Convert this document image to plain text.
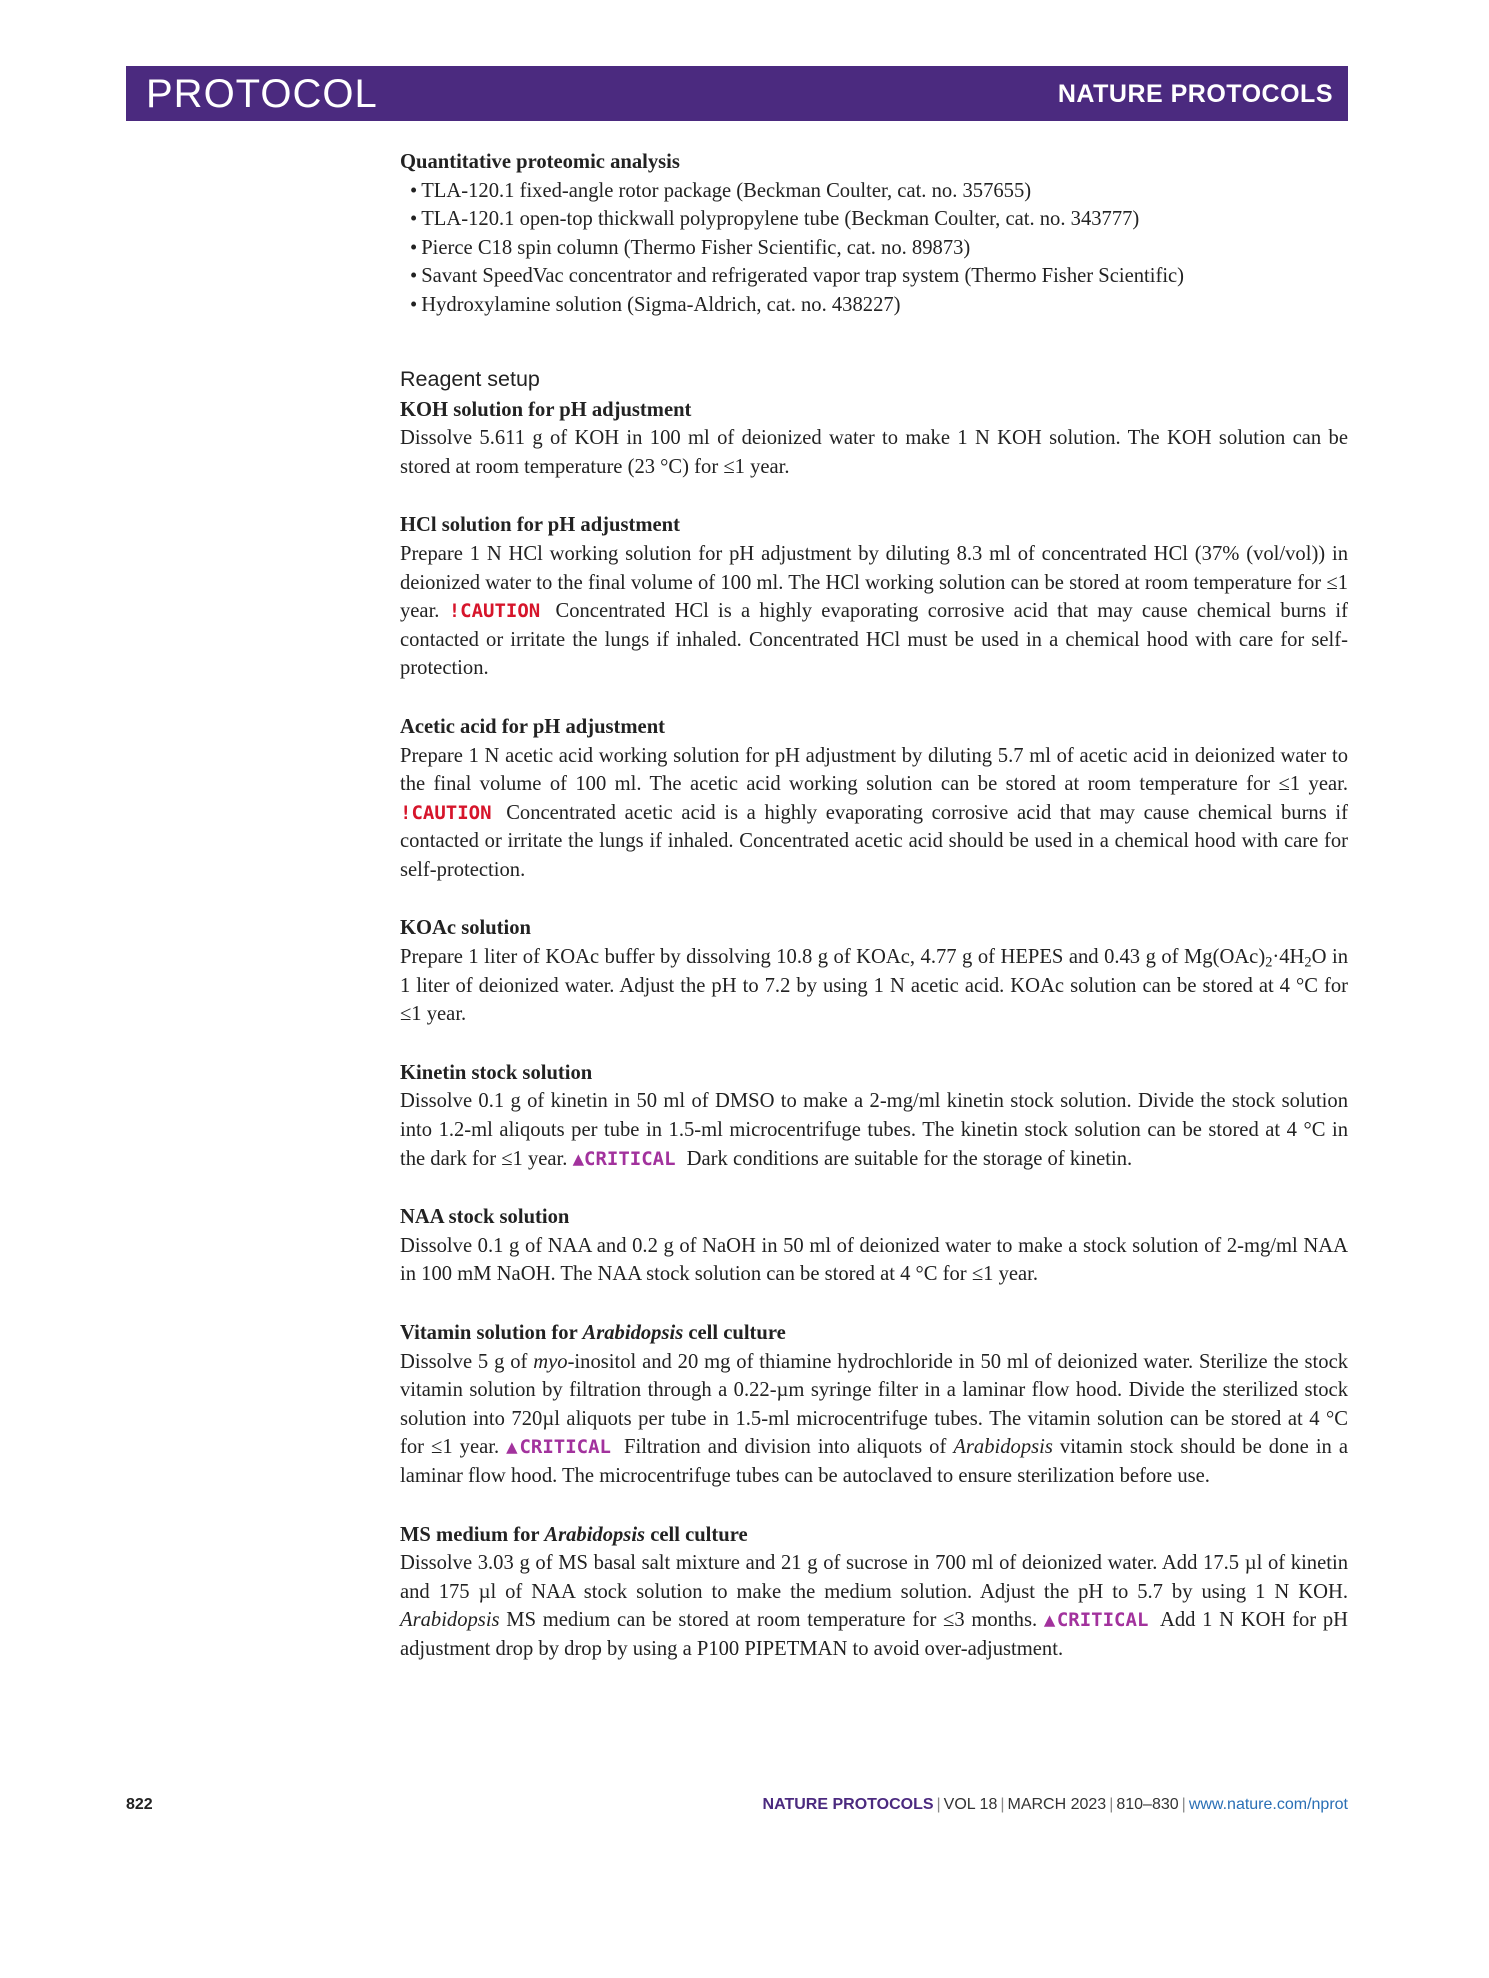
PROTOCOL	NATURE PROTOCOLS

Quantitative proteomic analysis

• TLA-120.1 fixed-angle rotor package (Beckman Coulter, cat. no. 357655)
• TLA-120.1 open-top thickwall polypropylene tube (Beckman Coulter, cat. no. 343777)
• Pierce C18 spin column (Thermo Fisher Scientific, cat. no. 89873)
• Savant SpeedVac concentrator and refrigerated vapor trap system (Thermo Fisher Scientific)
• Hydroxylamine solution (Sigma-Aldrich, cat. no. 438227)
Reagent setup

KOH solution for pH adjustment

Dissolve 5.611 g of KOH in 100 ml of deionized water to make 1 N KOH solution. The KOH solution can be stored at room temperature (23 °C) for ≤1 year.

HCl solution for pH adjustment

Prepare 1 N HCl working solution for pH adjustment by diluting 8.3 ml of concentrated HCl (37% (vol/vol)) in deionized water to the final volume of 100 ml. The HCl working solution can be stored at room temperature for ≤1 year. !CAUTION Concentrated HCl is a highly evaporating corrosive acid that may cause chemical burns if contacted or irritate the lungs if inhaled. Concentrated HCl must be used in a chemical hood with care for self-protection.

Acetic acid for pH adjustment

Prepare 1 N acetic acid working solution for pH adjustment by diluting 5.7 ml of acetic acid in deionized water to the final volume of 100 ml. The acetic acid working solution can be stored at room temperature for ≤1 year. !CAUTION Concentrated acetic acid is a highly evaporating corrosive acid that may cause chemical burns if contacted or irritate the lungs if inhaled. Concentrated acetic acid should be used in a chemical hood with care for self-protection.

KOAc solution

Prepare 1 liter of KOAc buffer by dissolving 10.8 g of KOAc, 4.77 g of HEPES and 0.43 g of $Mg(OAc)_2\cdot 4H_2O$ in 1 liter of deionized water. Adjust the pH to 7.2 by using 1 N acetic acid. KOAc solution can be stored at 4 °C for ≤1 year.

Kinetin stock solution

Dissolve 0.1 g of kinetin in 50 ml of DMSO to make a 2-mg/ml kinetin stock solution. Divide the stock solution into 1.2-ml aliqouts per tube in 1.5-ml microcentrifuge tubes. The kinetin stock solution can be stored at 4 °C in the dark for ≤1 year. ▲CRITICAL Dark conditions are suitable for the storage of kinetin.

NAA stock solution

Dissolve 0.1 g of NAA and 0.2 g of NaOH in 50 ml of deionized water to make a stock solution of 2-mg/ml NAA in 100 mM NaOH. The NAA stock solution can be stored at 4 °C for ≤1 year.

Vitamin solution for Arabidopsis cell culture

Dissolve 5 g of myo-inositol and 20 mg of thiamine hydrochloride in 50 ml of deionized water. Sterilize the stock vitamin solution by filtration through a 0.22-µm syringe filter in a laminar flow hood. Divide the sterilized stock solution into 720µl aliquots per tube in 1.5-ml microcentrifuge tubes. The vitamin solution can be stored at 4 °C for ≤1 year. ▲CRITICAL Filtration and division into aliquots of Arabidopsis vitamin stock should be done in a laminar flow hood. The microcentrifuge tubes can be autoclaved to ensure sterilization before use.

MS medium for Arabidopsis cell culture

Dissolve 3.03 g of MS basal salt mixture and 21 g of sucrose in 700 ml of deionized water. Add 17.5 µl of kinetin and 175 µl of NAA stock solution to make the medium solution. Adjust the pH to 5.7 by using 1 N KOH. Arabidopsis MS medium can be stored at room temperature for ≤3 months. ▲CRITICAL Add 1 N KOH for pH adjustment drop by drop by using a P100 PIPETMAN to avoid over-adjustment.

822	NATURE PROTOCOLS | VOL 18 | MARCH 2023 | 810–830 | www.nature.com/nprot
